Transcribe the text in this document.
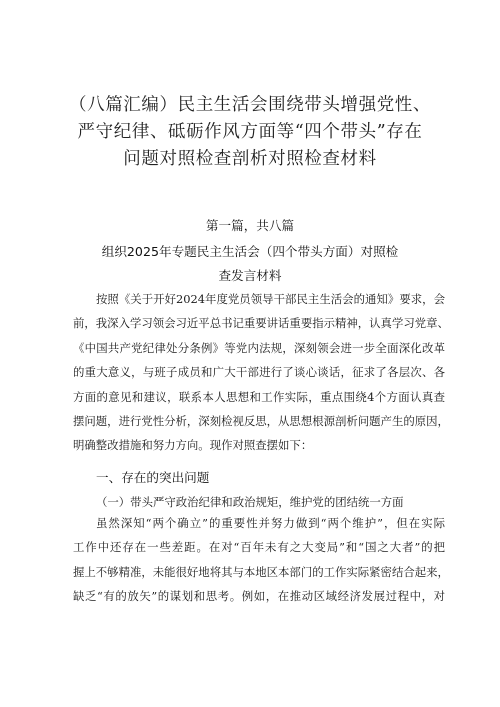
（八篇汇编）民主生活会围绕带头增强党性、
严守纪律、砥砺作风方面等“四个带头”存在
问题对照检查剖析对照检查材料
第一篇，共八篇
组织2025年专题民主生活会（四个带头方面）对照检
查发言材料
按照《关于开好2024年度党员领导干部民主生活会的通知》要求，会
前，我深入学习领会习近平总书记重要讲话重要指示精神，认真学习党章、
《中国共产党纪律处分条例》等党内法规，深刻领会进一步全面深化改革
的重大意义，与班子成员和广大干部进行了谈心谈话，征求了各层次、各
方面的意见和建议，联系本人思想和工作实际，重点围绕4个方面认真查
摆问题，进行党性分析，深刻检视反思，从思想根源剖析问题产生的原因，
明确整改措施和努力方向。现作对照查摆如下：
一、存在的突出问题
（一）带头严守政治纪律和政治规矩，维护党的团结统一方面
虽然深知“两个确立”的重要性并努力做到“两个维护”，但在实际
工作中还存在一些差距。在对“百年未有之大变局”和“国之大者”的把
握上不够精准，未能很好地将其与本地区本部门的工作实际紧密结合起来，
缺乏“有的放矢”的谋划和思考。例如，在推动区域经济发展过程中，对
